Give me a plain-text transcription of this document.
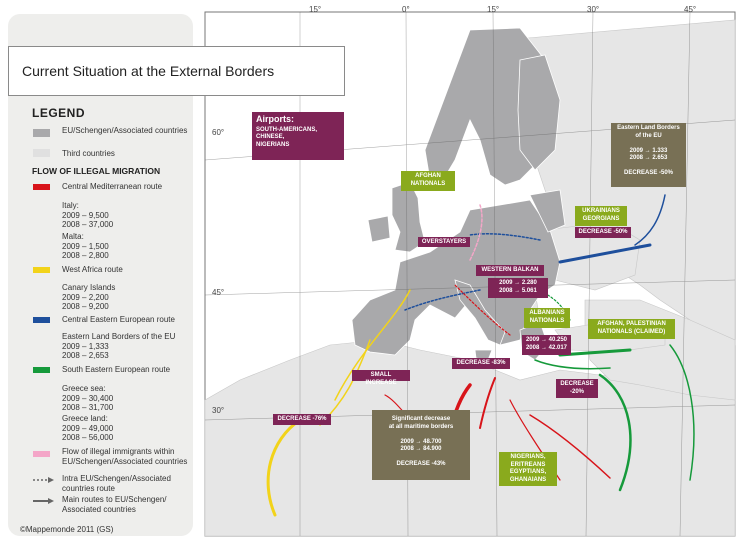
Current Situation at the External Borders
LEGEND
EU/Schengen/Associated countries
Third countries
FLOW OF ILLEGAL MIGRATION
Central Mediterranean route
Italy:
2009 – 9,500
2008 – 37,000
Malta:
2009 – 1,500
2008 – 2,800
West Africa route
Canary Islands
2009 – 2,200
2008 – 9,200
Central Eastern European route
Eastern Land Borders of the EU
2009 – 1,333
2008 – 2,653
South Eastern European route
Greece sea:
2009 – 30,400
2008 – 31,700
Greece land:
2009 – 49,000
2008 – 56,000
Flow of illegal immigrants within EU/Schengen/Associated countries
Intra EU/Schengen/Associated countries route
Main routes to EU/Schengen/ Associated countries
©Mappemonde 2011 (GS)
15°	0°	15°	30°	45°
60°
45°
30°
Airports:
SOUTH-AMERICANS,
CHINESE,
NIGERIANS
AFGHAN
NATIONALS
OVERSTAYERS
WESTERN BALKAN
2009 → 2.280
2008 → 5.061
ALBANIANS
NATIONALS
2009 → 40.250
2008 → 42.017
AFGHAN, PALESTINIAN
NATIONALS (CLAIMED)
UKRAINIANS
GEORGIANS
DECREASE -50%
Eastern Land Borders
of the EU

2009 → 1.333
2008 → 2.653

DECREASE -50%
SMALL INCREASE
DECREASE -83%
DECREASE
-20%
DECREASE -76%	Significant decrease
at all maritime borders

2009 → 48.700
2008 → 84.900

DECREASE -43%
NIGERIANS,
ERITREANS
EGYPTIANS,
GHANAIANS
